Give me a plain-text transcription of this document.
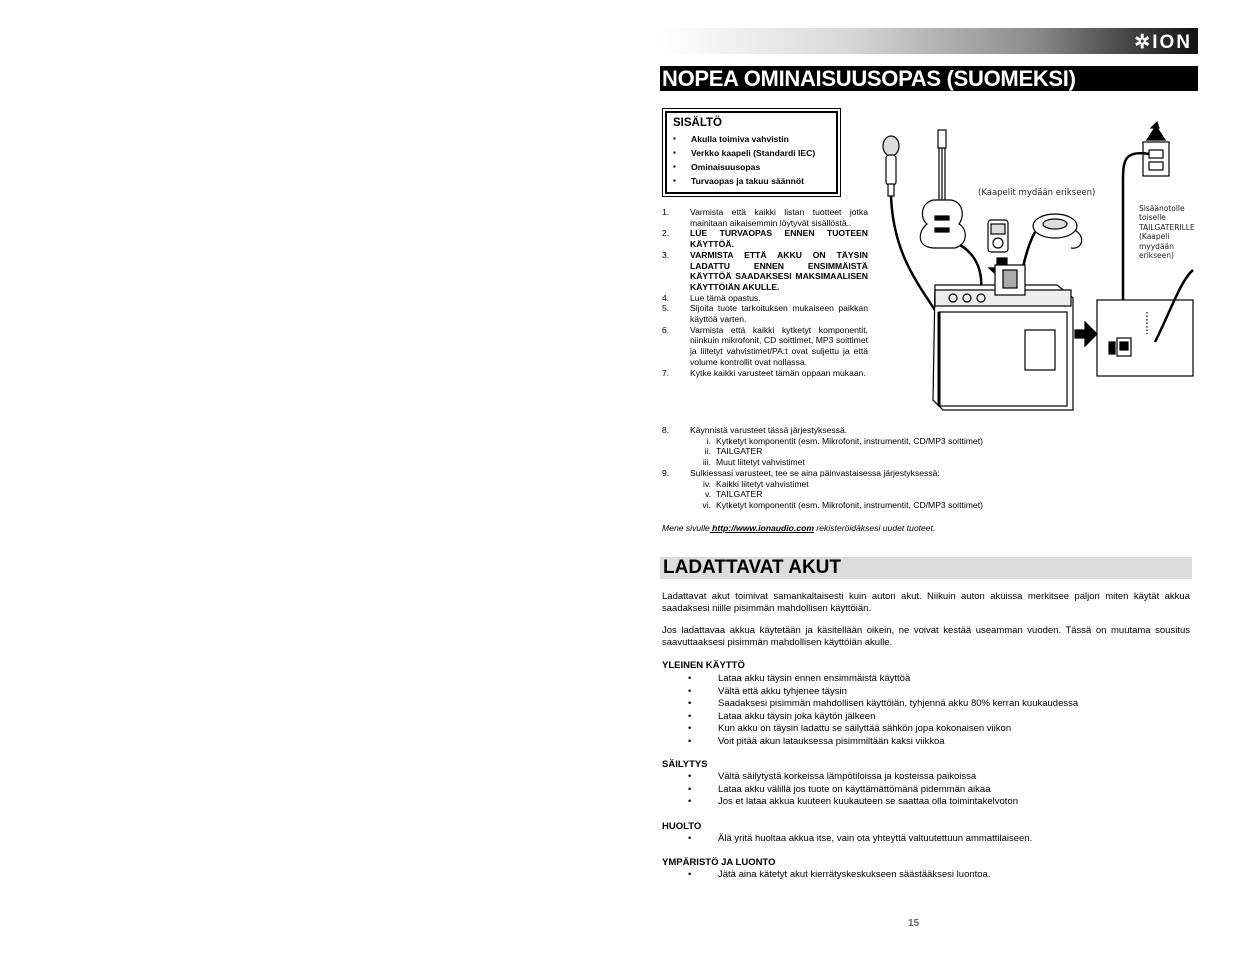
✲ION
NOPEA OMINAISUUSOPAS (SUOMEKSI)
SISÄLTÖ
▪ Akulla toimiva vahvistin
▪ Verkko kaapeli (Standardi IEC)
▪ Ominaisuusopas
▪ Turvaopas ja takuu säännöt
1.	Varmista että kaikki listan tuotteet jotka mainitaan aikaisemmin löytyvät sisällöstä..
2.	LUE TURVAOPAS ENNEN TUOTEEN KÄYTTÖÄ.
3.	VARMISTA ETTÄ AKKU ON TÄYSIN LADATTU ENNEN ENSIMMÄISTÄ KÄYTTÖÄ SAADAKSESI MAKSIMAALISEN KÄYTTÖIÄN AKULLE.
4.	Lue tämä opastus.
5.	Sijoita tuote tarkoituksen mukaiseen paikkan käyttöä varten.
6.	Varmista että kaikki kytketyt komponentit, niinkuin mikrofonit, CD soittimet, MP3 soittimet ja liitetyt vahvistimet/PA:t ovat suljettu ja että volume kontrollit ovat nollassa.
7.	Kytke kaikki varusteet tämän oppaan mukaan.
8.	Käynnistä varusteet tässä järjestyksessä.
i. Kytketyt komponentit (esm. Mikrofonit, instrumentit, CD/MP3 soittimet)
ii. TAILGATER
iii. Muut liitetyt vahvistimet
9.	Sulkiessasi varusteet, tee se aina päinvastaisessa järjestyksessä:
iv. Kaikki liitetyt vahvistimet
v. TAILGATER
vi. Kytketyt komponentit (esm. Mikrofonit, instrumentit, CD/MP3 soittimet)
Mene sivulle http://www.ionaudio.com rekisteröidäksesi uudet tuoteet.
LADATTAVAT AKUT
Ladattavat akut toimivat samankaltaisesti kuin auton akut. Niikuin auton akuissa merkitsee paljon miten käytät akkua saadaksesi niille pisimmän mahdollisen käyttöiän.
Jos ladattavaa akkua käytetään ja käsitellään oikein, ne voivat kestää useamman vuoden. Tässä on muutama sousitus saavuttaaksesi pisimmän mahdollisen käyttöiän akulle.
YLEINEN KÄYTTÖ
• Lataa akku täysin ennen ensimmäistä käyttöä
• Vältä että akku tyhjenee täysin
• Saadaksesi pisimmän mahdollisen käyttöiän, tyhjennä akku 80% kerran kuukaudessa
• Lataa akku täysin joka käytön jälkeen
• Kun akku on täysin ladattu se säilyttää sähkön jopa kokonaisen viikon
• Voit pitää akun latauksessa pisimmiltään kaksi viikkoa
SÄILYTYS
• Vältä säilytystä korkeissa lämpötiloissa ja kosteissa paikoissa
• Lataa akku välillä jos tuote on käyttämättömänä pidemmän aikaa
• Jos et lataa akkua kuuteen kuukauteen se saattaa olla toimintakelvoton
HUOLTO
• Älä yritä huoltaa akkua itse, vain ota yhteyttä valtuutettuun ammattilaiseen.
YMPÄRISTÖ JA LUONTO
• Jätä aina kätetyt akut kierrätyskeskukseen säästääksesi luontoa.
15
(Kaapelit mydään erikseen)
Sisäänotolle
toiselle
TAILGATERILLE
(Kaapeli
myydään
erikseen)
